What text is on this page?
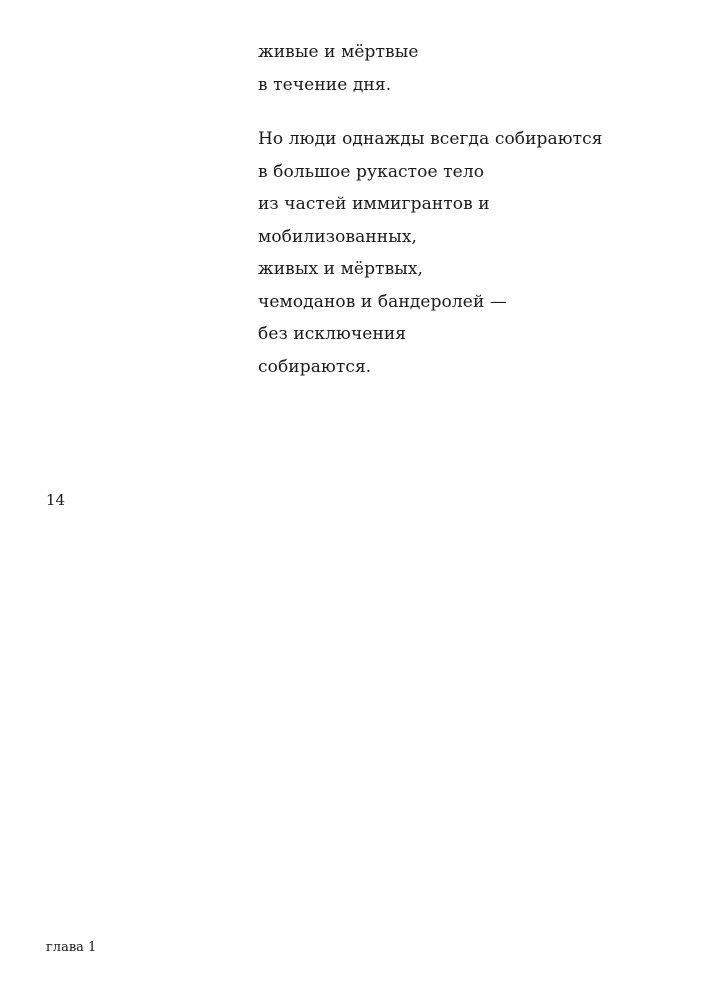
живые и мёртвые
в течение дня.
Но люди однажды всегда собираются
в большое рукастое тело
из частей иммигрантов и
мобилизованных,
живых и мёртвых,
чемоданов и бандеролей —
без исключения
собираются.
14
глава 1
